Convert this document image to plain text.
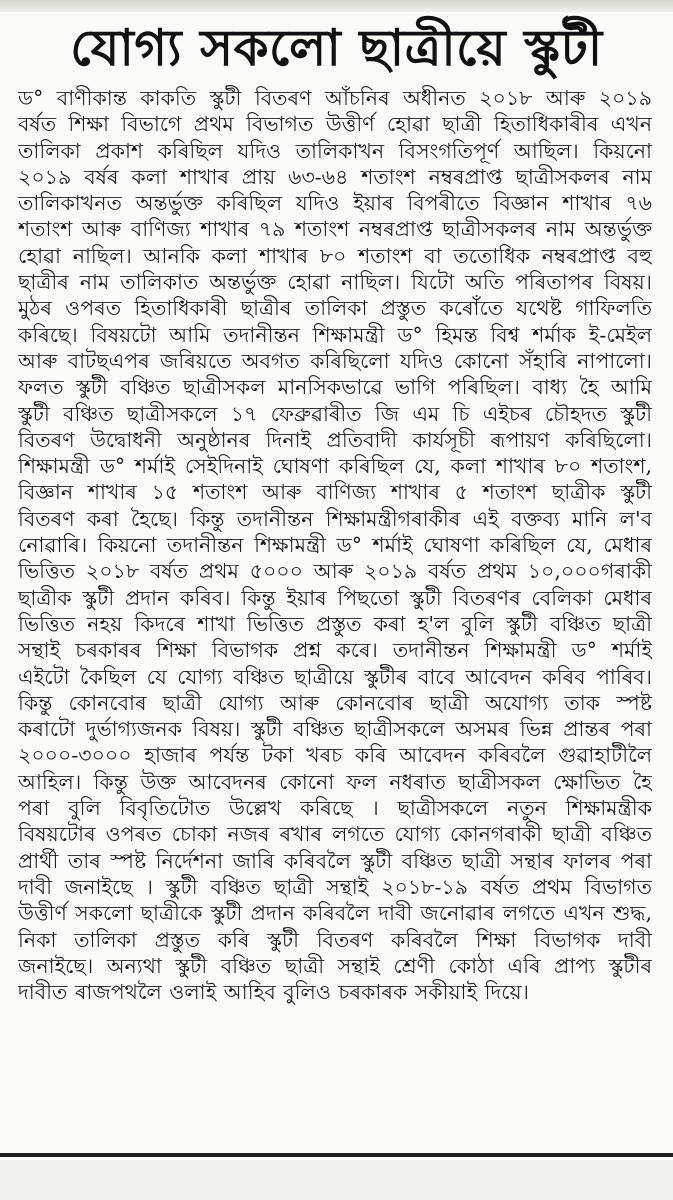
যোগ্য সকলো ছাত্ৰীয়ে স্কুটী
ড° বাণীকান্ত কাকতি স্কুটী বিতৰণ আঁচনিৰ অধীনত ২০১৮ আৰু ২০১৯
বৰ্ষত শিক্ষা বিভাগে প্ৰথম বিভাগত উত্তীৰ্ণ হোৱা ছাত্ৰী হিতাধিকাৰীৰ এখন
তালিকা প্ৰকাশ কৰিছিল যদিও তালিকাখন বিসংগতিপূৰ্ণ আছিল। কিয়নো
২০১৯ বৰ্ষৰ কলা শাখাৰ প্ৰায় ৬৩-৬৪ শতাংশ নম্বৰপ্ৰাপ্ত ছাত্ৰীসকলৰ নাম
তালিকাখনত অন্তৰ্ভুক্ত কৰিছিল যদিও ইয়াৰ বিপৰীতে বিজ্ঞান শাখাৰ ৭৬
শতাংশ আৰু বাণিজ্য শাখাৰ ৭৯ শতাংশ নম্বৰপ্ৰাপ্ত ছাত্ৰীসকলৰ নাম অন্তৰ্ভুক্ত
হোৱা নাছিল। আনকি কলা শাখাৰ ৮০ শতাংশ বা ততোধিক নম্বৰপ্ৰাপ্ত বহু
ছাত্ৰীৰ নাম তালিকাত অন্তৰ্ভুক্ত হোৱা নাছিল। যিটো অতি পৰিতাপৰ বিষয়।
মুঠৰ ওপৰত হিতাধিকাৰী ছাত্ৰীৰ তালিকা প্ৰস্তুত কৰোঁতে যথেষ্ট গাফিলতি
কৰিছে। বিষয়টো আমি তদানীন্তন শিক্ষামন্ত্ৰী ড° হিমন্ত বিশ্ব শৰ্মাক ই-মেইল
আৰু বাটছএপৰ জৰিয়তে অবগত কৰিছিলো যদিও কোনো সঁহাৰি নাপালো।
ফলত স্কুটী বঞ্চিত ছাত্ৰীসকল মানসিকভাৱে ভাগি পৰিছিল। বাধ্য হৈ আমি
স্কুটী বঞ্চিত ছাত্ৰীসকলে ১৭ ফেব্ৰুৱাৰীত জি এম চি এইচৰ চৌহদত স্কুটী
বিতৰণ উদ্বোধনী অনুষ্ঠানৰ দিনাই প্ৰতিবাদী কাৰ্যসূচী ৰূপায়ণ কৰিছিলো।
শিক্ষামন্ত্ৰী ড° শৰ্মাই সেইদিনাই ঘোষণা কৰিছিল যে, কলা শাখাৰ ৮০ শতাংশ,
বিজ্ঞান শাখাৰ ১৫ শতাংশ আৰু বাণিজ্য শাখাৰ ৫ শতাংশ ছাত্ৰীক স্কুটী
বিতৰণ কৰা হৈছে। কিন্তু তদানীন্তন শিক্ষামন্ত্ৰীগৰাকীৰ এই বক্তব্য মানি ল'ব
নোৱাৰি। কিয়নো তদানীন্তন শিক্ষামন্ত্ৰী ড° শৰ্মাই ঘোষণা কৰিছিল যে, মেধাৰ
ভিত্তিত ২০১৮ বৰ্ষত প্ৰথম ৫০০০ আৰু ২০১৯ বৰ্ষত প্ৰথম ১০,০০০গৰাকী
ছাত্ৰীক স্কুটী প্ৰদান কৰিব। কিন্তু ইয়াৰ পিছতো স্কুটী বিতৰণৰ বেলিকা মেধাৰ
ভিত্তিত নহয় কিদৰে শাখা ভিত্তিত প্ৰস্তুত কৰা হ'ল বুলি স্কুটী বঞ্চিত ছাত্ৰী
সন্থাই চৰকাৰৰ শিক্ষা বিভাগক প্ৰশ্ন কৰে। তদানীন্তন শিক্ষামন্ত্ৰী ড° শৰ্মাই
এইটো কৈছিল যে যোগ্য বঞ্চিত ছাত্ৰীয়ে স্কুটীৰ বাবে আবেদন কৰিব পাৰিব।
কিন্তু কোনবোৰ ছাত্ৰী যোগ্য আৰু কোনবোৰ ছাত্ৰী অযোগ্য তাক স্পষ্ট
কৰাটো দুৰ্ভাগ্যজনক বিষয়। স্কুটী বঞ্চিত ছাত্ৰীসকলে অসমৰ ভিন্ন প্ৰান্তৰ পৰা
২০০০-৩০০০ হাজাৰ পৰ্যন্ত টকা খৰচ কৰি আবেদন কৰিবলৈ গুৱাহাটীলৈ
আহিল। কিন্তু উক্ত আবেদনৰ কোনো ফল নধৰাত ছাত্ৰীসকল ক্ষোভিত হৈ
পৰা বুলি বিবৃতিটোত উল্লেখ কৰিছে । ছাত্ৰীসকলে নতুন শিক্ষামন্ত্ৰীক
বিষয়টোৰ ওপৰত চোকা নজৰ ৰখাৰ লগতে যোগ্য কোনগৰাকী ছাত্ৰী বঞ্চিত
প্ৰাৰ্থী তাৰ স্পষ্ট নিৰ্দেশনা জাৰি কৰিবলৈ স্কুটী বঞ্চিত ছাত্ৰী সন্থাৰ ফালৰ পৰা
দাবী জনাইছে । স্কুটী বঞ্চিত ছাত্ৰী সন্থাই ২০১৮-১৯ বৰ্ষত প্ৰথম বিভাগত
উত্তীৰ্ণ সকলো ছাত্ৰীকে স্কুটী প্ৰদান কৰিবলৈ দাবী জনোৱাৰ লগতে এখন শুদ্ধ,
নিকা তালিকা প্ৰস্তুত কৰি স্কুটী বিতৰণ কৰিবলৈ শিক্ষা বিভাগক দাবী
জনাইছে। অন্যথা স্কুটী বঞ্চিত ছাত্ৰী সন্থাই শ্ৰেণী কোঠা এৰি প্ৰাপ্য স্কুটীৰ
দাবীত ৰাজপথলৈ ওলাই আহিব বুলিও চৰকাৰক সকীয়াই দিয়ে।
